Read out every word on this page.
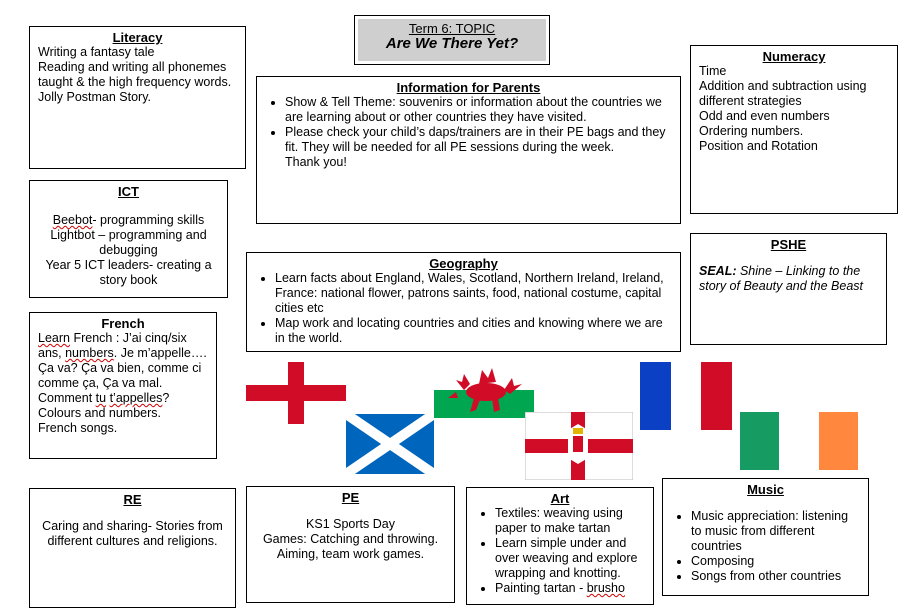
Term 6: TOPIC
Are We There Yet?
Literacy
Writing a fantasy tale
Reading and writing all phonemes taught & the high frequency words.
Jolly Postman Story.
ICT
Beebot- programming skills
Lightbot – programming and debugging
Year 5 ICT leaders- creating a story book
French
Learn French : J’ai cinq/six ans, numbers. Je m’appelle…. Ça va? Ça va bien, comme ci comme ça, Ça va mal. Comment tu t’appelles?
Colours and numbers.
French songs.
Information for Parents
• Show & Tell Theme: souvenirs or information about the countries we are learning about or other countries they have visited.
• Please check your child’s daps/trainers are in their PE bags and they fit. They will be needed for all PE sessions during the week.
Thank you!
Numeracy
Time
Addition and subtraction using different strategies
Odd and even numbers
Ordering numbers.
Position and Rotation
PSHE
SEAL: Shine – Linking to the story of Beauty and the Beast
Geography
• Learn facts about England, Wales, Scotland, Northern Ireland, Ireland, France: national flower, patrons saints, food, national costume, capital cities etc
• Map work and locating countries and cities and knowing where we are in the world.
RE
Caring and sharing- Stories from different cultures and religions.
PE
KS1 Sports Day
Games: Catching and throwing. Aiming, team work games.
Art
• Textiles: weaving using paper to make tartan
• Learn simple under and over weaving and explore wrapping and knotting.
• Painting tartan - brusho
Music
• Music appreciation: listening to music from different countries
• Composing
• Songs from other countries
